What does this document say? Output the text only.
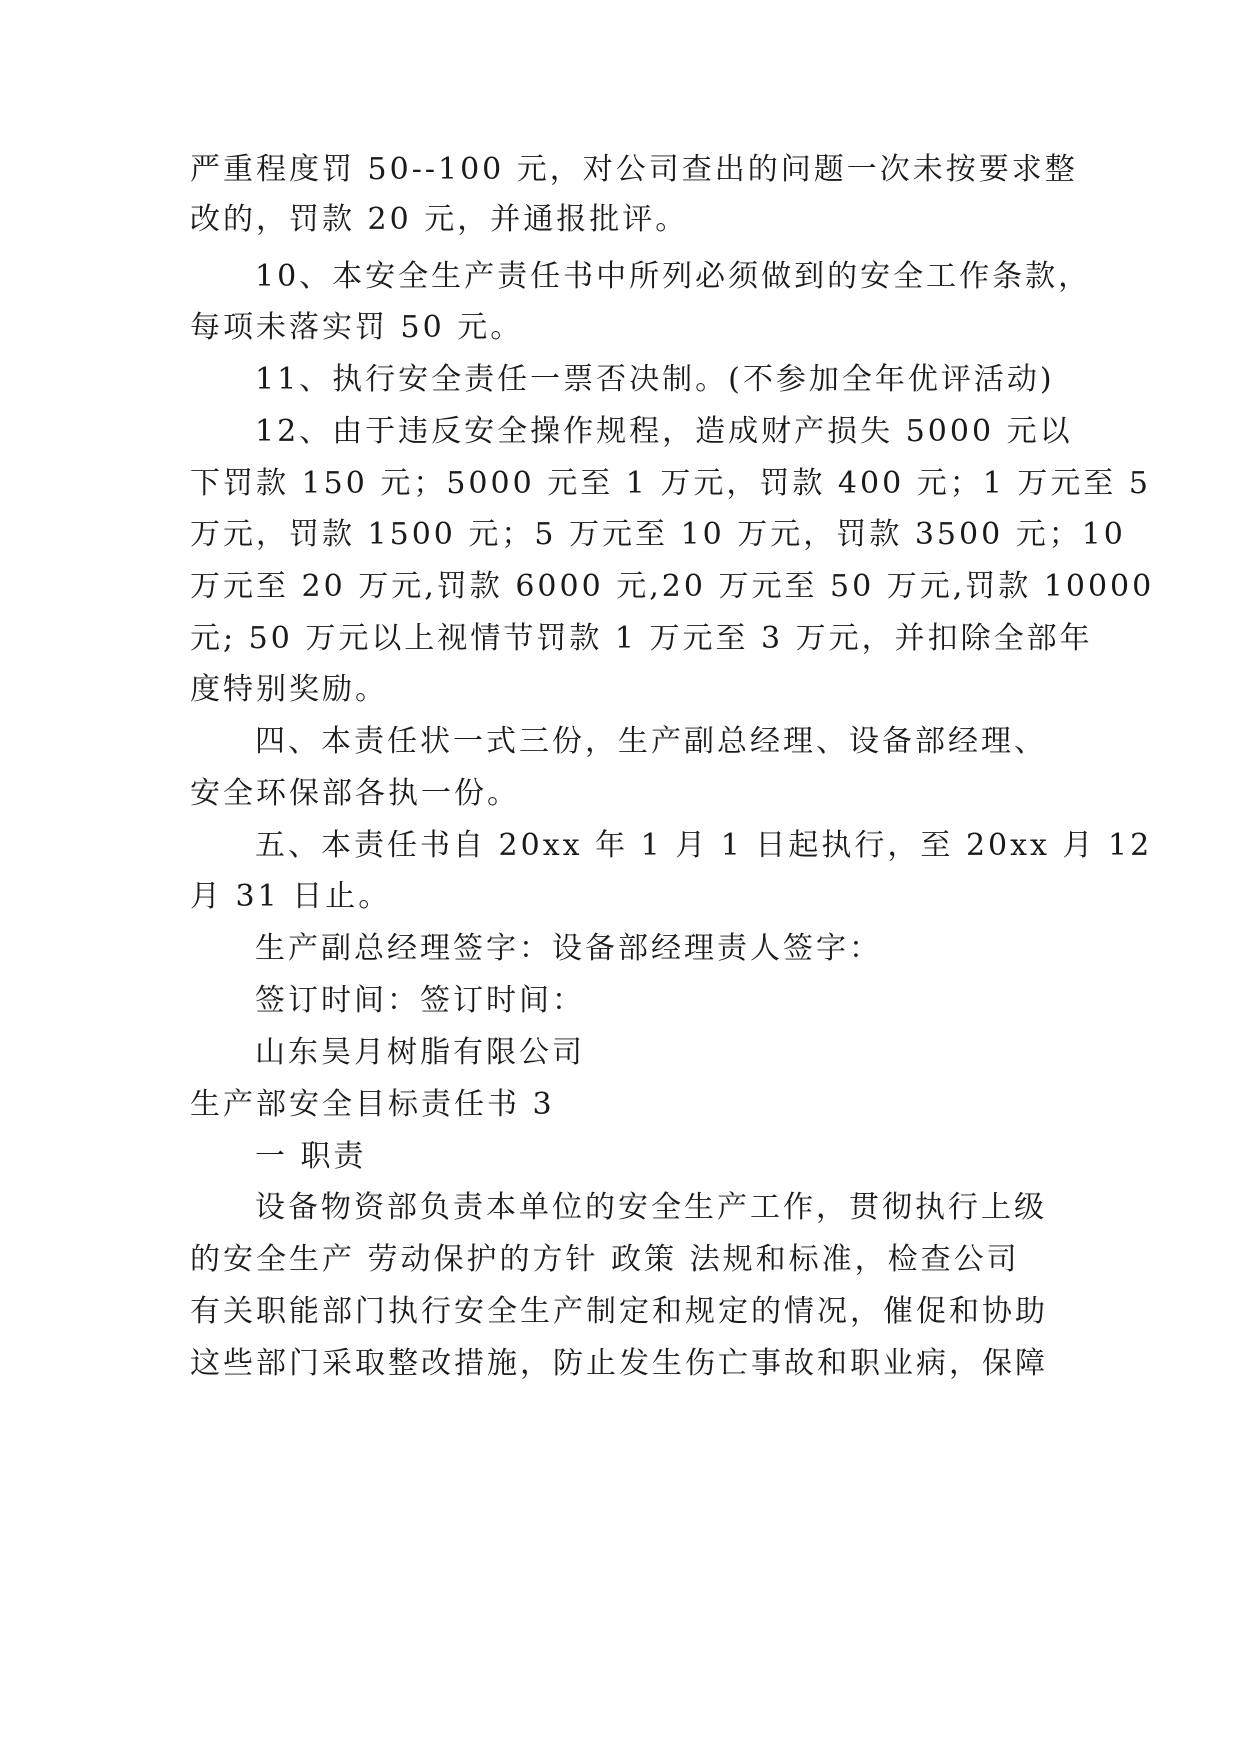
严重程度罚 50--100 元，对公司查出的问题一次未按要求整
改的，罚款 20 元，并通报批评。
10、本安全生产责任书中所列必须做到的安全工作条款，
每项未落实罚 50 元。
11、执行安全责任一票否决制。(不参加全年优评活动)
12、由于违反安全操作规程，造成财产损失 5000 元以
下罚款 150 元；5000 元至 1 万元，罚款 400 元；1 万元至 5
万元，罚款 1500 元；5 万元至 10 万元，罚款 3500 元；10
万元至 20 万元,罚款 6000 元,20 万元至 50 万元,罚款 10000
元; 50 万元以上视情节罚款 1 万元至 3 万元，并扣除全部年
度特别奖励。
四、本责任状一式三份，生产副总经理、设备部经理、
安全环保部各执一份。
五、本责任书自 20xx 年 1 月 1 日起执行，至 20xx 月 12
月 31 日止。
生产副总经理签字：设备部经理责人签字：
签订时间：签订时间：
山东昊月树脂有限公司
生产部安全目标责任书 3
一 职责
设备物资部负责本单位的安全生产工作，贯彻执行上级
的安全生产 劳动保护的方针 政策 法规和标准，检查公司
有关职能部门执行安全生产制定和规定的情况，催促和协助
这些部门采取整改措施，防止发生伤亡事故和职业病，保障
